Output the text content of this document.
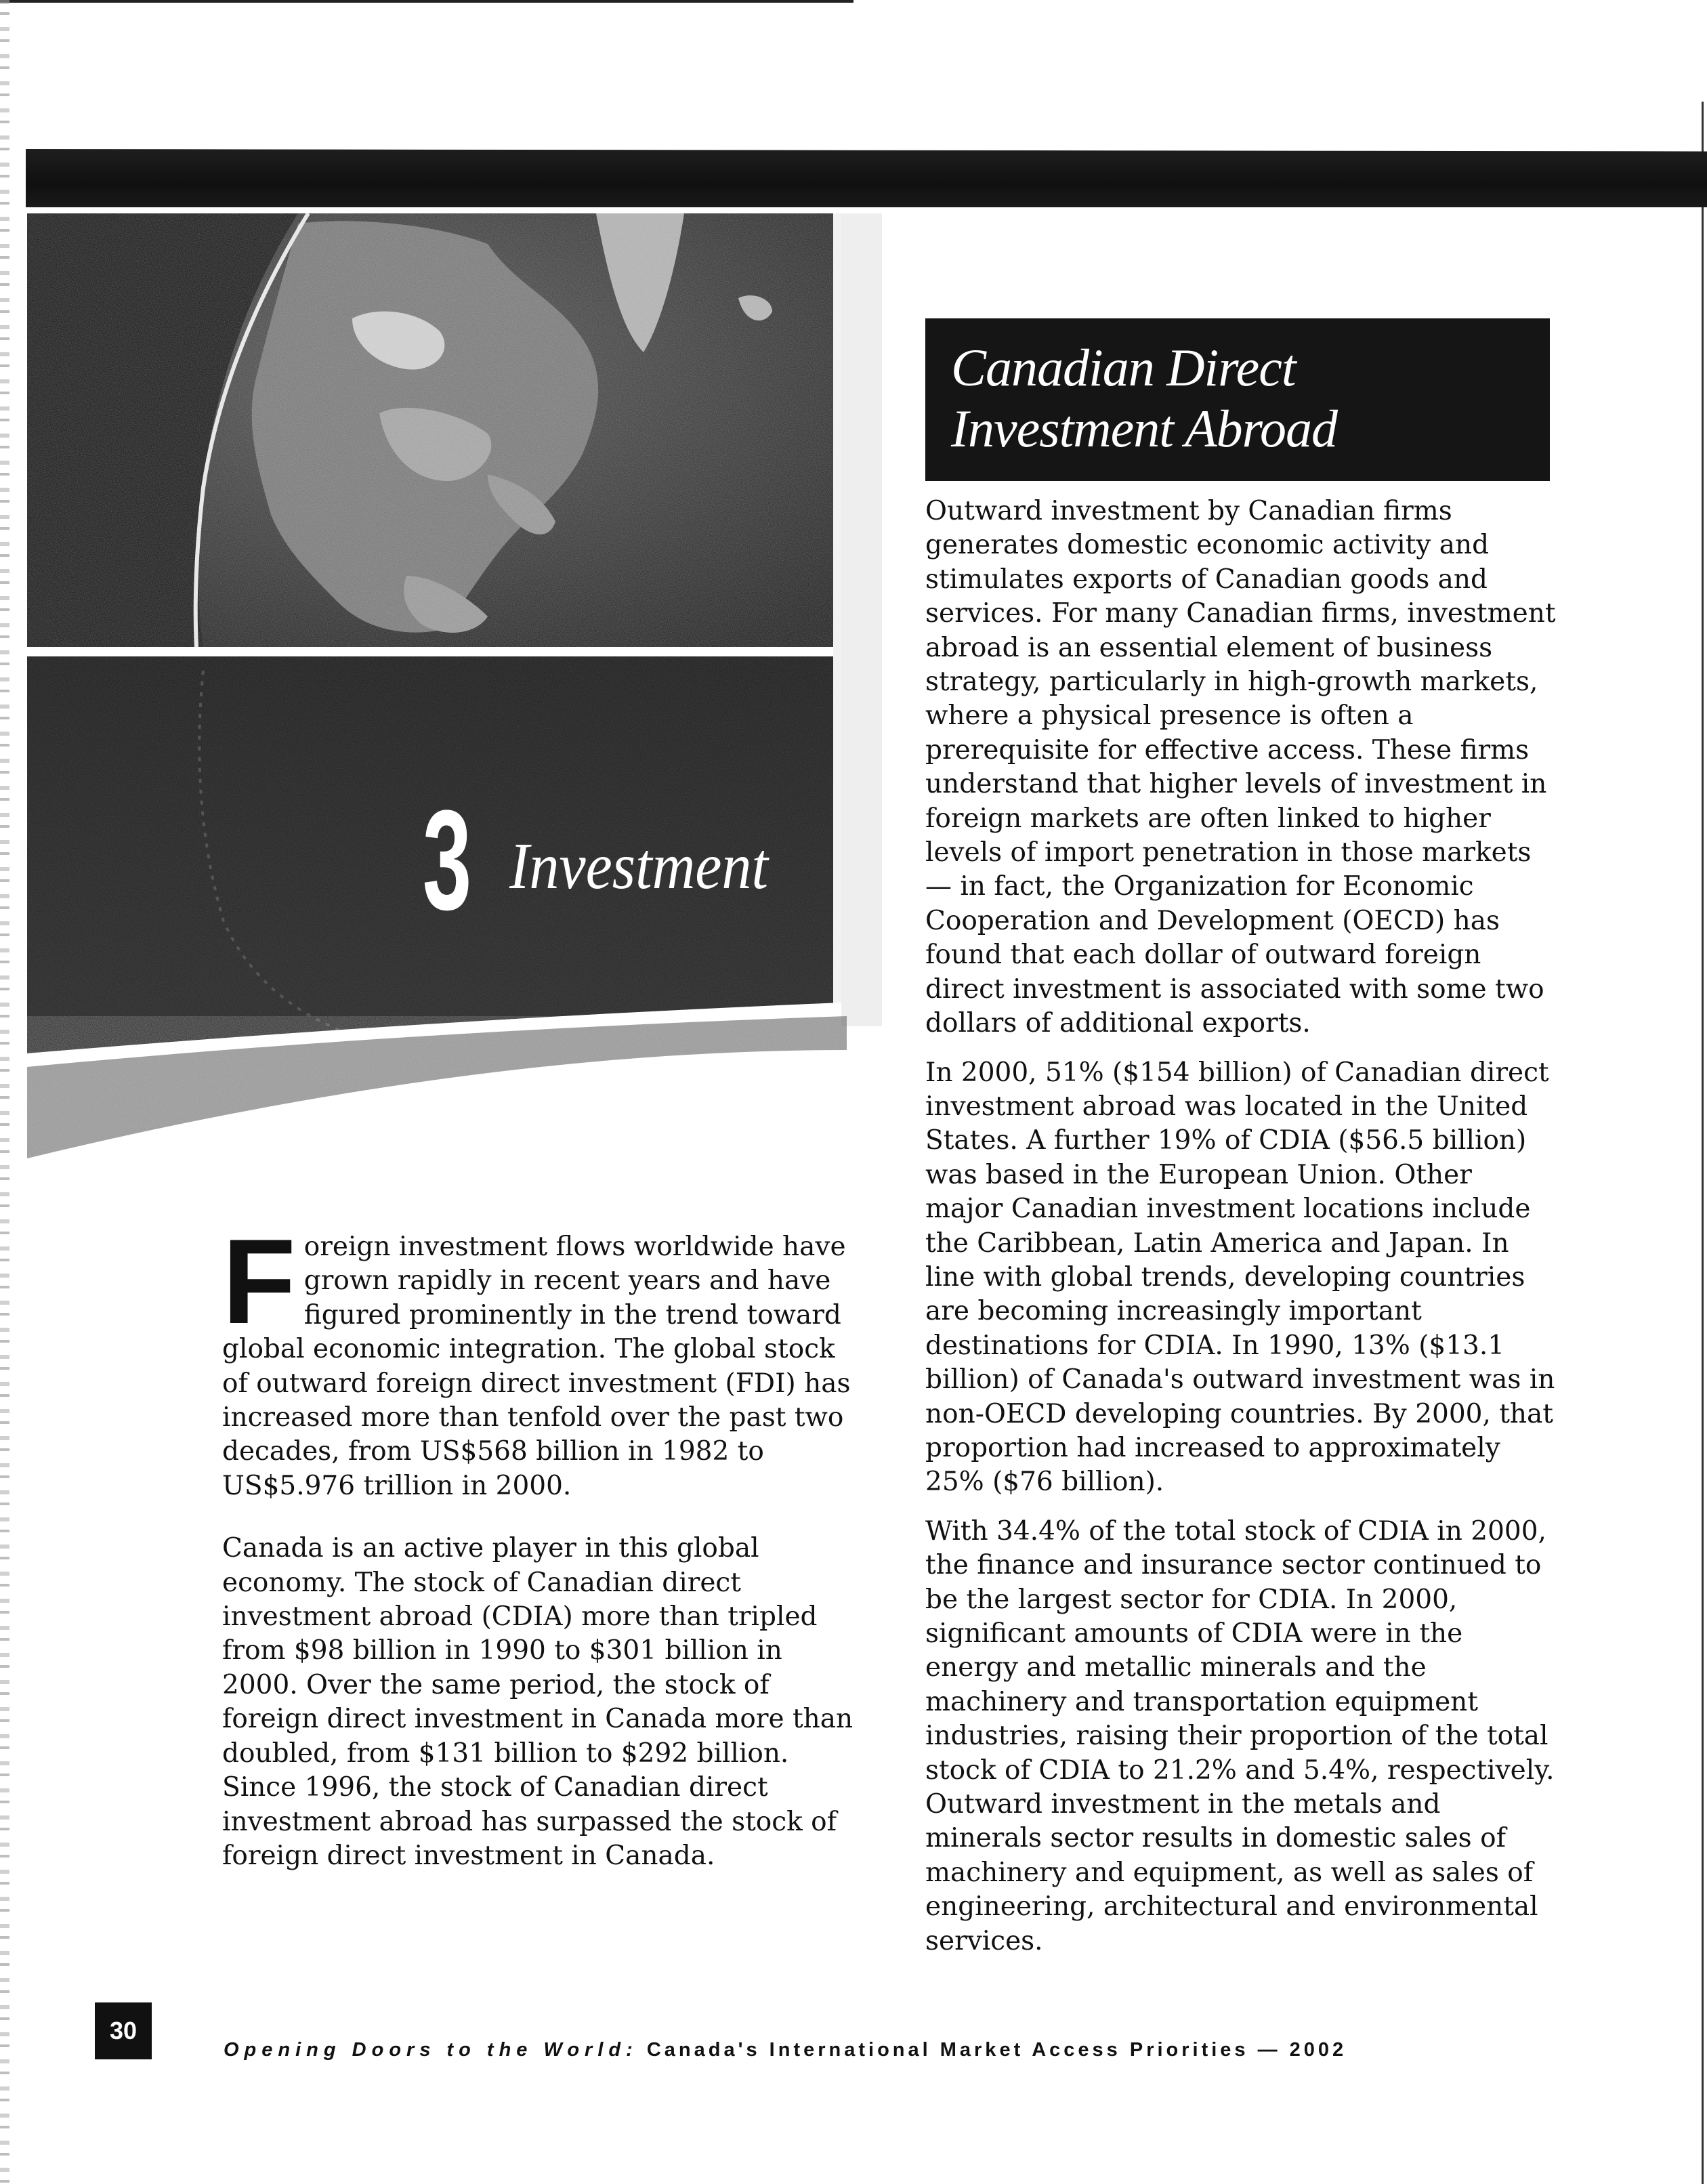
3 Investment
Canadian Direct
Investment Abroad

Foreign investment flows worldwide have grown rapidly in recent years and have figured prominently in the trend toward global economic integration. The global stock of outward foreign direct investment (FDI) has increased more than tenfold over the past two decades, from US$568 billion in 1982 to US$5.976 trillion in 2000.

Canada is an active player in this global economy. The stock of Canadian direct investment abroad (CDIA) more than tripled from $98 billion in 1990 to $301 billion in 2000. Over the same period, the stock of foreign direct investment in Canada more than doubled, from $131 billion to $292 billion. Since 1996, the stock of Canadian direct investment abroad has surpassed the stock of foreign direct investment in Canada.

Outward investment by Canadian firms generates domestic economic activity and stimulates exports of Canadian goods and services. For many Canadian firms, investment abroad is an essential element of business strategy, particularly in high-growth markets, where a physical presence is often a prerequisite for effective access. These firms understand that higher levels of investment in foreign markets are often linked to higher levels of import penetration in those markets — in fact, the Organization for Economic Cooperation and Development (OECD) has found that each dollar of outward foreign direct investment is associated with some two dollars of additional exports.

In 2000, 51% ($154 billion) of Canadian direct investment abroad was located in the United States. A further 19% of CDIA ($56.5 billion) was based in the European Union. Other major Canadian investment locations include the Caribbean, Latin America and Japan. In line with global trends, developing countries are becoming increasingly important destinations for CDIA. In 1990, 13% ($13.1 billion) of Canada's outward investment was in non-OECD developing countries. By 2000, that proportion had increased to approximately 25% ($76 billion).

With 34.4% of the total stock of CDIA in 2000, the finance and insurance sector continued to be the largest sector for CDIA. In 2000, significant amounts of CDIA were in the energy and metallic minerals and the machinery and transportation equipment industries, raising their proportion of the total stock of CDIA to 21.2% and 5.4%, respectively. Outward investment in the metals and minerals sector results in domestic sales of machinery and equipment, as well as sales of engineering, architectural and environmental services.

30
Opening Doors to the World: Canada's International Market Access Priorities — 2002
